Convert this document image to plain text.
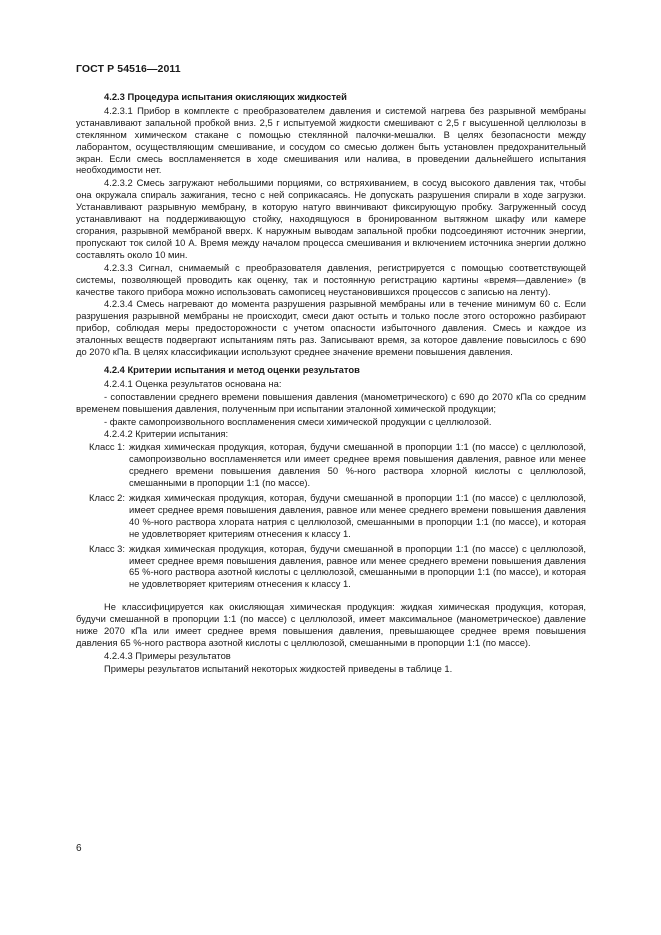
ГОСТ Р 54516—2011
4.2.3 Процедура испытания окисляющих жидкостей

4.2.3.1 Прибор в комплекте с преобразователем давления и системой нагрева без разрывной мембраны устанавливают запальной пробкой вниз. 2,5 г испытуемой жидкости смешивают с 2,5 г высушенной целлюлозы в стеклянном химическом стакане с помощью стеклянной палочки-мешалки. В целях безопасности между лаборантом, осуществляющим смешивание, и сосудом со смесью должен быть установлен предохранительный экран. Если смесь воспламеняется в ходе смешивания или налива, в проведении дальнейшего испытания необходимости нет.

4.2.3.2 Смесь загружают небольшими порциями, со встряхиванием, в сосуд высокого давления так, чтобы она окружала спираль зажигания, тесно с ней соприкасаясь. Не допускать разрушения спирали в ходе загрузки. Устанавливают разрывную мембрану, в которую натуго ввинчивают фиксирующую пробку. Загруженный сосуд устанавливают на поддерживающую стойку, находящуюся в бронированном вытяжном шкафу или камере сгорания, разрывной мембраной вверх. К наружным выводам запальной пробки подсоединяют источник энергии, пропускают ток силой 10 А. Время между началом процесса смешивания и включением источника энергии должно составлять около 10 мин.

4.2.3.3 Сигнал, снимаемый с преобразователя давления, регистрируется с помощью соответствующей системы, позволяющей проводить как оценку, так и постоянную регистрацию картины «время—давление» (в качестве такого прибора можно использовать самописец неустановившихся процессов с записью на ленту).

4.2.3.4 Смесь нагревают до момента разрушения разрывной мембраны или в течение минимум 60 с. Если разрушения разрывной мембраны не происходит, смеси дают остыть и только после этого осторожно разбирают прибор, соблюдая меры предосторожности с учетом опасности избыточного давления. Смесь и каждое из эталонных веществ подвергают испытаниям пять раз. Записывают время, за которое давление повысилось с 690 до 2070 кПа. В целях классификации используют среднее значение времени повышения давления.

4.2.4 Критерии испытания и метод оценки результатов

4.2.4.1 Оценка результатов основана на:

- сопоставлении среднего времени повышения давления (манометрического) с 690 до 2070 кПа со средним временем повышения давления, полученным при испытании эталонной химической продукции;

- факте самопроизвольного воспламенения смеси химической продукции с целлюлозой.

4.2.4.2 Критерии испытания:

Класс 1: жидкая химическая продукция, которая, будучи смешанной в пропорции 1:1 (по массе) с целлюлозой, самопроизвольно воспламеняется или имеет среднее время повышения давления, равное или менее среднего времени повышения давления 50 %-ного раствора хлорной кислоты с целлюлозой, смешанными в пропорции 1:1 (по массе).
Класс 2: жидкая химическая продукция, которая, будучи смешанной в пропорции 1:1 (по массе) с целлюлозой, имеет среднее время повышения давления, равное или менее среднего времени повышения давления 40 %-ного раствора хлората натрия с целлюлозой, смешанными в пропорции 1:1 (по массе), и которая не удовлетворяет критериям отнесения к классу 1.
Класс 3: жидкая химическая продукция, которая, будучи смешанной в пропорции 1:1 (по массе) с целлюлозой, имеет среднее время повышения давления, равное или менее среднего времени повышения давления 65 %-ного раствора азотной кислоты с целлюлозой, смешанными в пропорции 1:1 (по массе), и которая не удовлетворяет критериям отнесения к классу 1.

Не классифицируется как окисляющая химическая продукция: жидкая химическая продукция, которая, будучи смешанной в пропорции 1:1 (по массе) с целлюлозой, имеет максимальное (манометрическое) давление ниже 2070 кПа или имеет среднее время повышения давления, превышающее среднее время повышения давления 65 %-ного раствора азотной кислоты с целлюлозой, смешанными в пропорции 1:1 (по массе).

4.2.4.3 Примеры результатов

Примеры результатов испытаний некоторых жидкостей приведены в таблице 1.

6
